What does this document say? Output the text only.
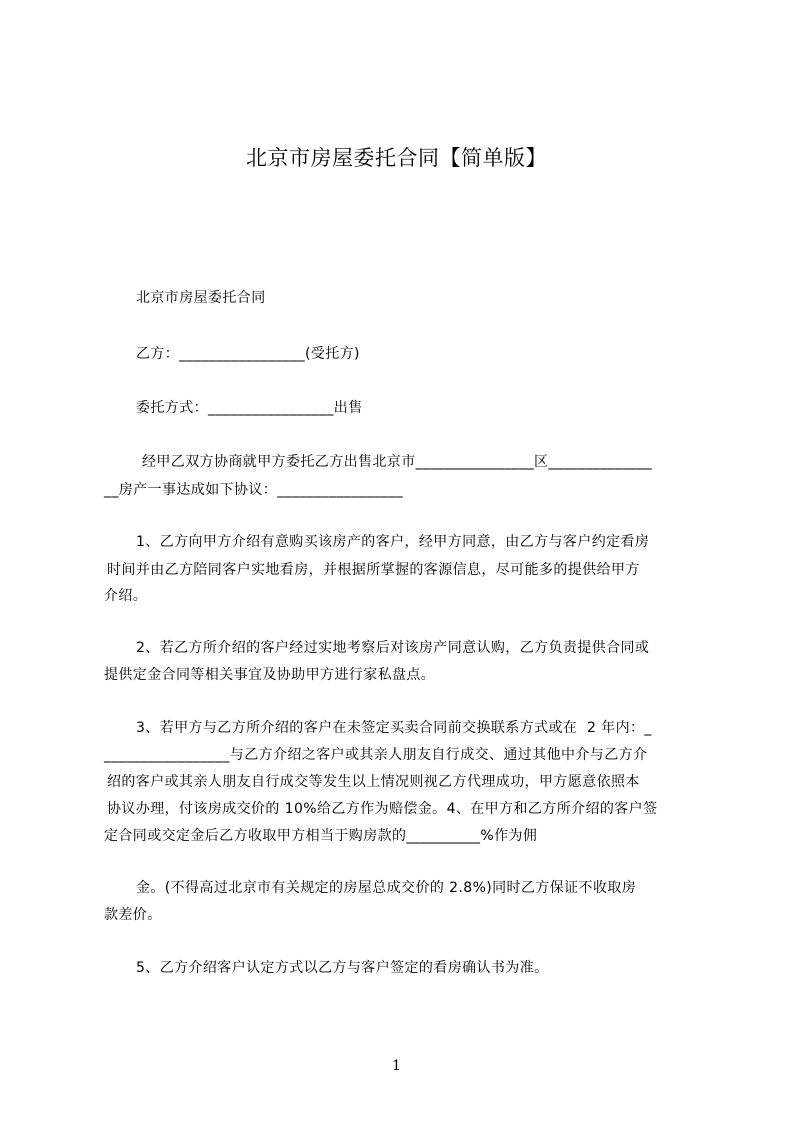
北京市房屋委托合同【简单版】
北京市房屋委托合同
乙方：_________________(受托方)
委托方式：_________________出售
经甲乙双方协商就甲方委托乙方出售北京市________________区______________
__房产一事达成如下协议：_________________
1、乙方向甲方介绍有意购买该房产的客户，经甲方同意，由乙方与客户约定看房
时间并由乙方陪同客户实地看房，并根据所掌握的客源信息，尽可能多的提供给甲方
介绍。
2、若乙方所介绍的客户经过实地考察后对该房产同意认购，乙方负责提供合同或
提供定金合同等相关事宜及协助甲方进行家私盘点。
3、若甲方与乙方所介绍的客户在未签定买卖合同前交换联系方式或在  2 年内：_
_________________与乙方介绍之客户或其亲人朋友自行成交、通过其他中介与乙方介
绍的客户或其亲人朋友自行成交等发生以上情况则视乙方代理成功，甲方愿意依照本
协议办理，付该房成交价的 10%给乙方作为赔偿金。4、在甲方和乙方所介绍的客户签
定合同或交定金后乙方收取甲方相当于购房款的__________%作为佣
金。(不得高过北京市有关规定的房屋总成交价的 2.8%)同时乙方保证不收取房
款差价。
5、乙方介绍客户认定方式以乙方与客户签定的看房确认书为准。
1
